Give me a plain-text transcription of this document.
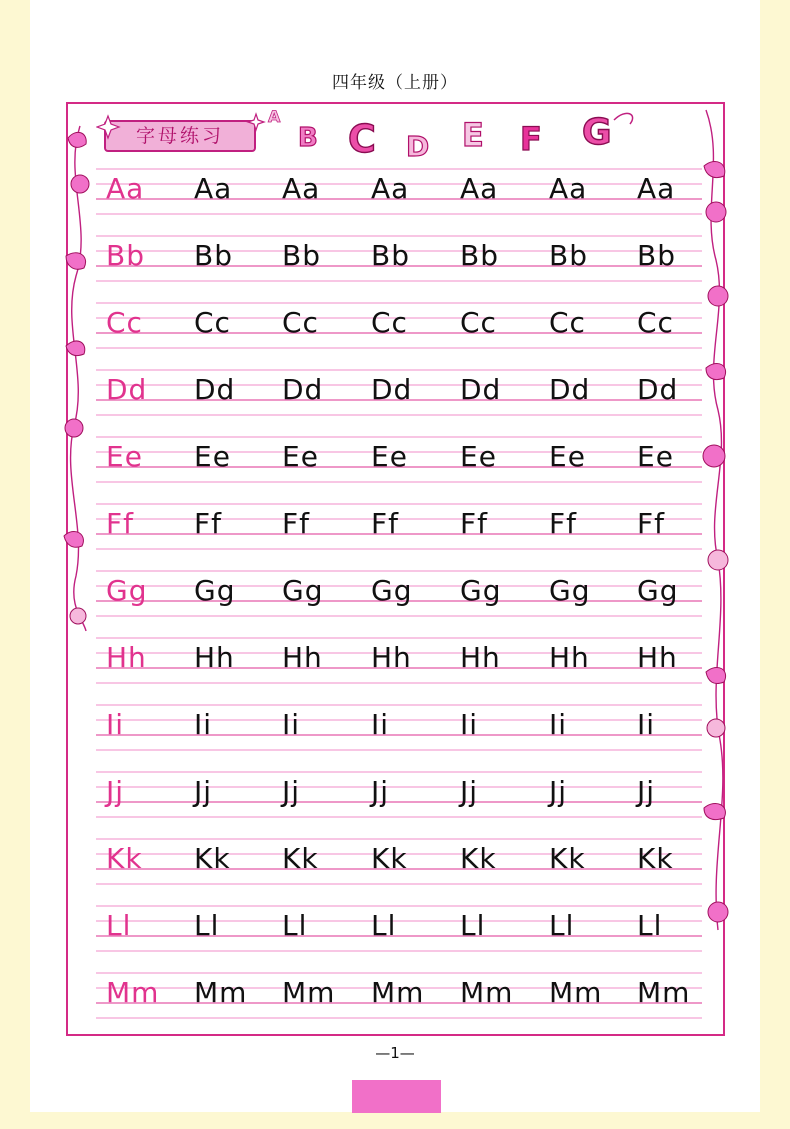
四年级（上册）
字母练习
A
B C D E F G
Aa	Aa	Aa	Aa	Aa	Aa	Aa
Bb	Bb	Bb	Bb	Bb	Bb	Bb
Cc	Cc	Cc	Cc	Cc	Cc	Cc
Dd	Dd	Dd	Dd	Dd	Dd	Dd
Ee	Ee	Ee	Ee	Ee	Ee	Ee
Ff	Ff	Ff	Ff	Ff	Ff	Ff
Gg	Gg	Gg	Gg	Gg	Gg	Gg
Hh	Hh	Hh	Hh	Hh	Hh	Hh
Ii	Ii	Ii	Ii	Ii	Ii	Ii
Jj	Jj	Jj	Jj	Jj	Jj	Jj
Kk	Kk	Kk	Kk	Kk	Kk	Kk
Ll	Ll	Ll	Ll	Ll	Ll	Ll
Mm	Mm	Mm	Mm	Mm	Mm	Mm
—1—
